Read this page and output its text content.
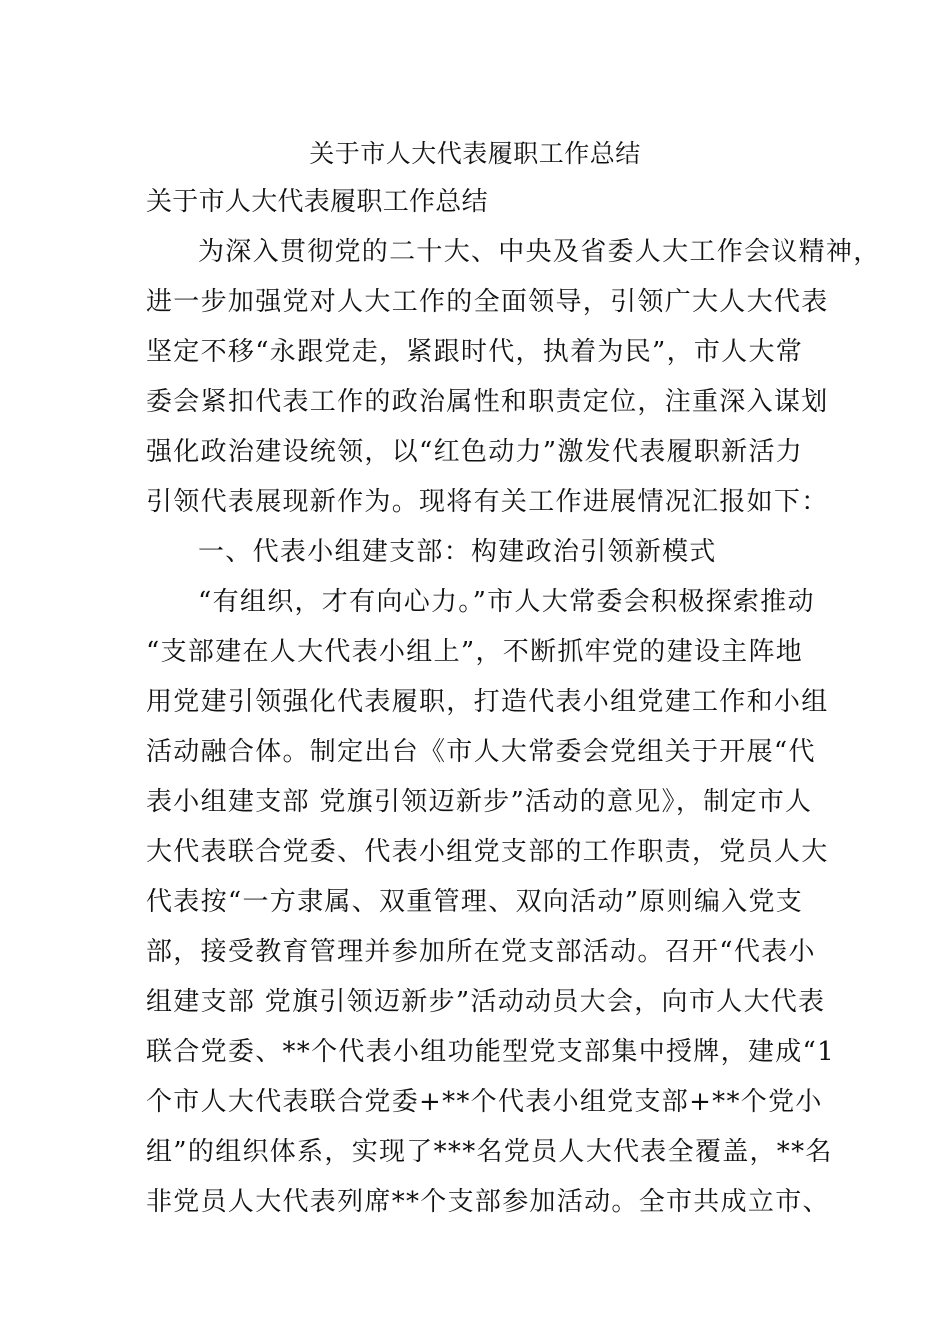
关于市人大代表履职工作总结
关于市人大代表履职工作总结
为深入贯彻党的二十大、中央及省委人大工作会议精神，
进一步加强党对人大工作的全面领导，引领广大人大代表
坚定不移“永跟党走，紧跟时代，执着为民”，市人大常
委会紧扣代表工作的政治属性和职责定位，注重深入谋划
强化政治建设统领，以“红色动力”激发代表履职新活力
引领代表展现新作为。现将有关工作进展情况汇报如下：
一、代表小组建支部：构建政治引领新模式
“有组织，才有向心力。”市人大常委会积极探索推动
“支部建在人大代表小组上”，不断抓牢党的建设主阵地
用党建引领强化代表履职，打造代表小组党建工作和小组
活动融合体。制定出台《市人大常委会党组关于开展“代
表小组建支部 党旗引领迈新步”活动的意见》，制定市人
大代表联合党委、代表小组党支部的工作职责，党员人大
代表按“一方隶属、双重管理、双向活动”原则编入党支
部，接受教育管理并参加所在党支部活动。召开“代表小
组建支部 党旗引领迈新步”活动动员大会，向市人大代表
联合党委、**个代表小组功能型党支部集中授牌，建成“1
个市人大代表联合党委+**个代表小组党支部+**个党小
组”的组织体系，实现了***名党员人大代表全覆盖，**名
非党员人大代表列席**个支部参加活动。全市共成立市、
